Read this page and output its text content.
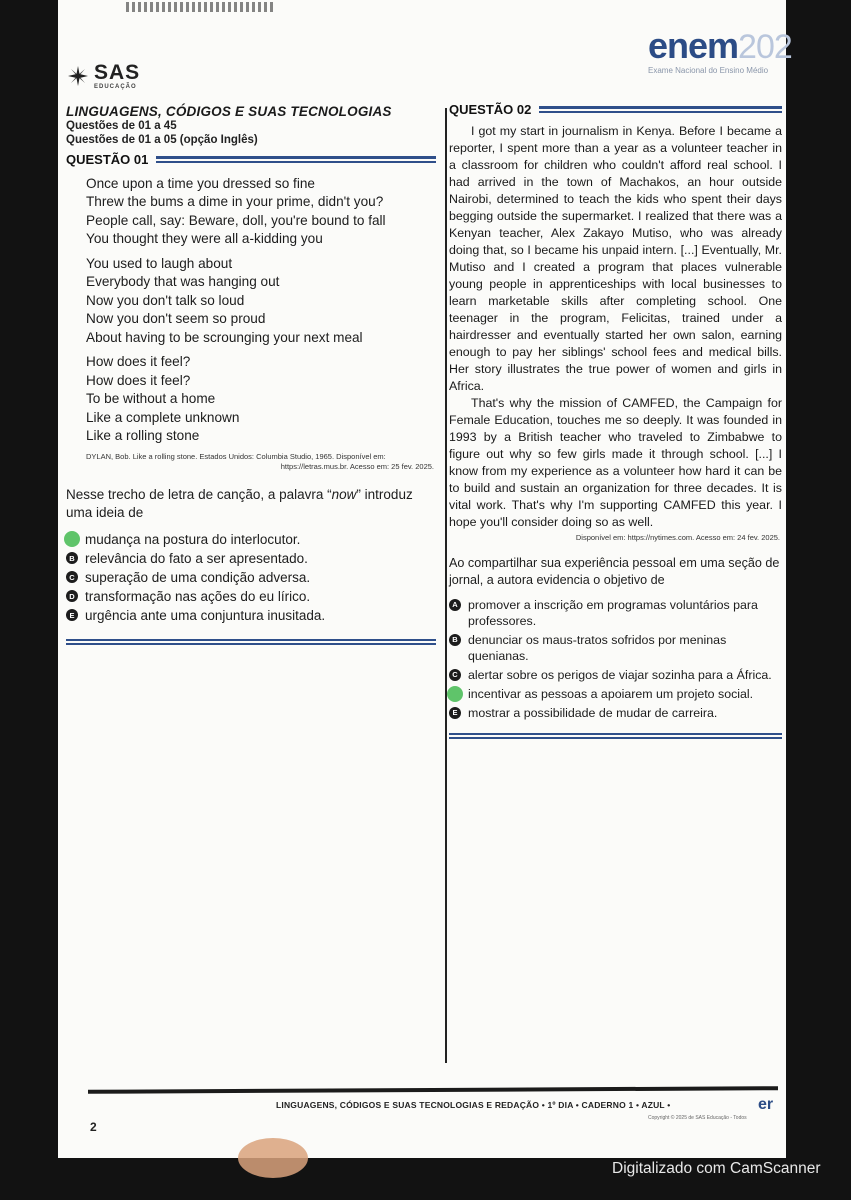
SAS
EDUCAÇÃO
enem202
Exame Nacional do Ensino Médio
LINGUAGENS, CÓDIGOS E SUAS TECNOLOGIAS
Questões de 01 a 45
Questões de 01 a 05 (opção Inglês)
QUESTÃO 01
Once upon a time you dressed so fine
Threw the bums a dime in your prime, didn't you?
People call, say: Beware, doll, you're bound to fall
You thought they were all a-kidding you
You used to laugh about
Everybody that was hanging out
Now you don't talk so loud
Now you don't seem so proud
About having to be scrounging your next meal
How does it feel?
How does it feel?
To be without a home
Like a complete unknown
Like a rolling stone
DYLAN, Bob. Like a rolling stone. Estados Unidos: Columbia Studio, 1965. Disponível em:
https://letras.mus.br. Acesso em: 25 fev. 2025.
Nesse trecho de letra de canção, a palavra “now” introduz uma ideia de
mudança na postura do interlocutor.
B relevância do fato a ser apresentado.
C superação de uma condição adversa.
D transformação nas ações do eu lírico.
E urgência ante uma conjuntura inusitada.
QUESTÃO 02

I got my start in journalism in Kenya. Before I became a reporter, I spent more than a year as a volunteer teacher in a classroom for children who couldn't afford real school. I had arrived in the town of Machakos, an hour outside Nairobi, determined to teach the kids who spent their days begging outside the supermarket. I realized that there was a Kenyan teacher, Alex Zakayo Mutiso, who was already doing that, so I became his unpaid intern. [...] Eventually, Mr. Mutiso and I created a program that places vulnerable young people in apprenticeships with local businesses to learn marketable skills after completing school. One teenager in the program, Felicitas, trained under a hairdresser and eventually started her own salon, earning enough to pay her siblings' school fees and medical bills. Her story illustrates the true power of women and girls in Africa.

That's why the mission of CAMFED, the Campaign for Female Education, touches me so deeply. It was founded in 1993 by a British teacher who traveled to Zimbabwe to figure out why so few girls made it through school. [...] I know from my experience as a volunteer how hard it can be to build and sustain an organization for three decades. It is vital work. That's why I'm supporting CAMFED this year. I hope you'll consider doing so as well.

Disponível em: https://nytimes.com. Acesso em: 24 fev. 2025.
Ao compartilhar sua experiência pessoal em uma seção de jornal, a autora evidencia o objetivo de
A promover a inscrição em programas voluntários para professores.
B denunciar os maus-tratos sofridos por meninas quenianas.
C alertar sobre os perigos de viajar sozinha para a África.
incentivar as pessoas a apoiarem um projeto social.
E mostrar a possibilidade de mudar de carreira.
LINGUAGENS, CÓDIGOS E SUAS TECNOLOGIAS E REDAÇÃO • 1º DIA • CADERNO 1 • AZUL •	er
Copyright © 2025 de SAS Educação - Todos
2
Digitalizado com CamScanner
